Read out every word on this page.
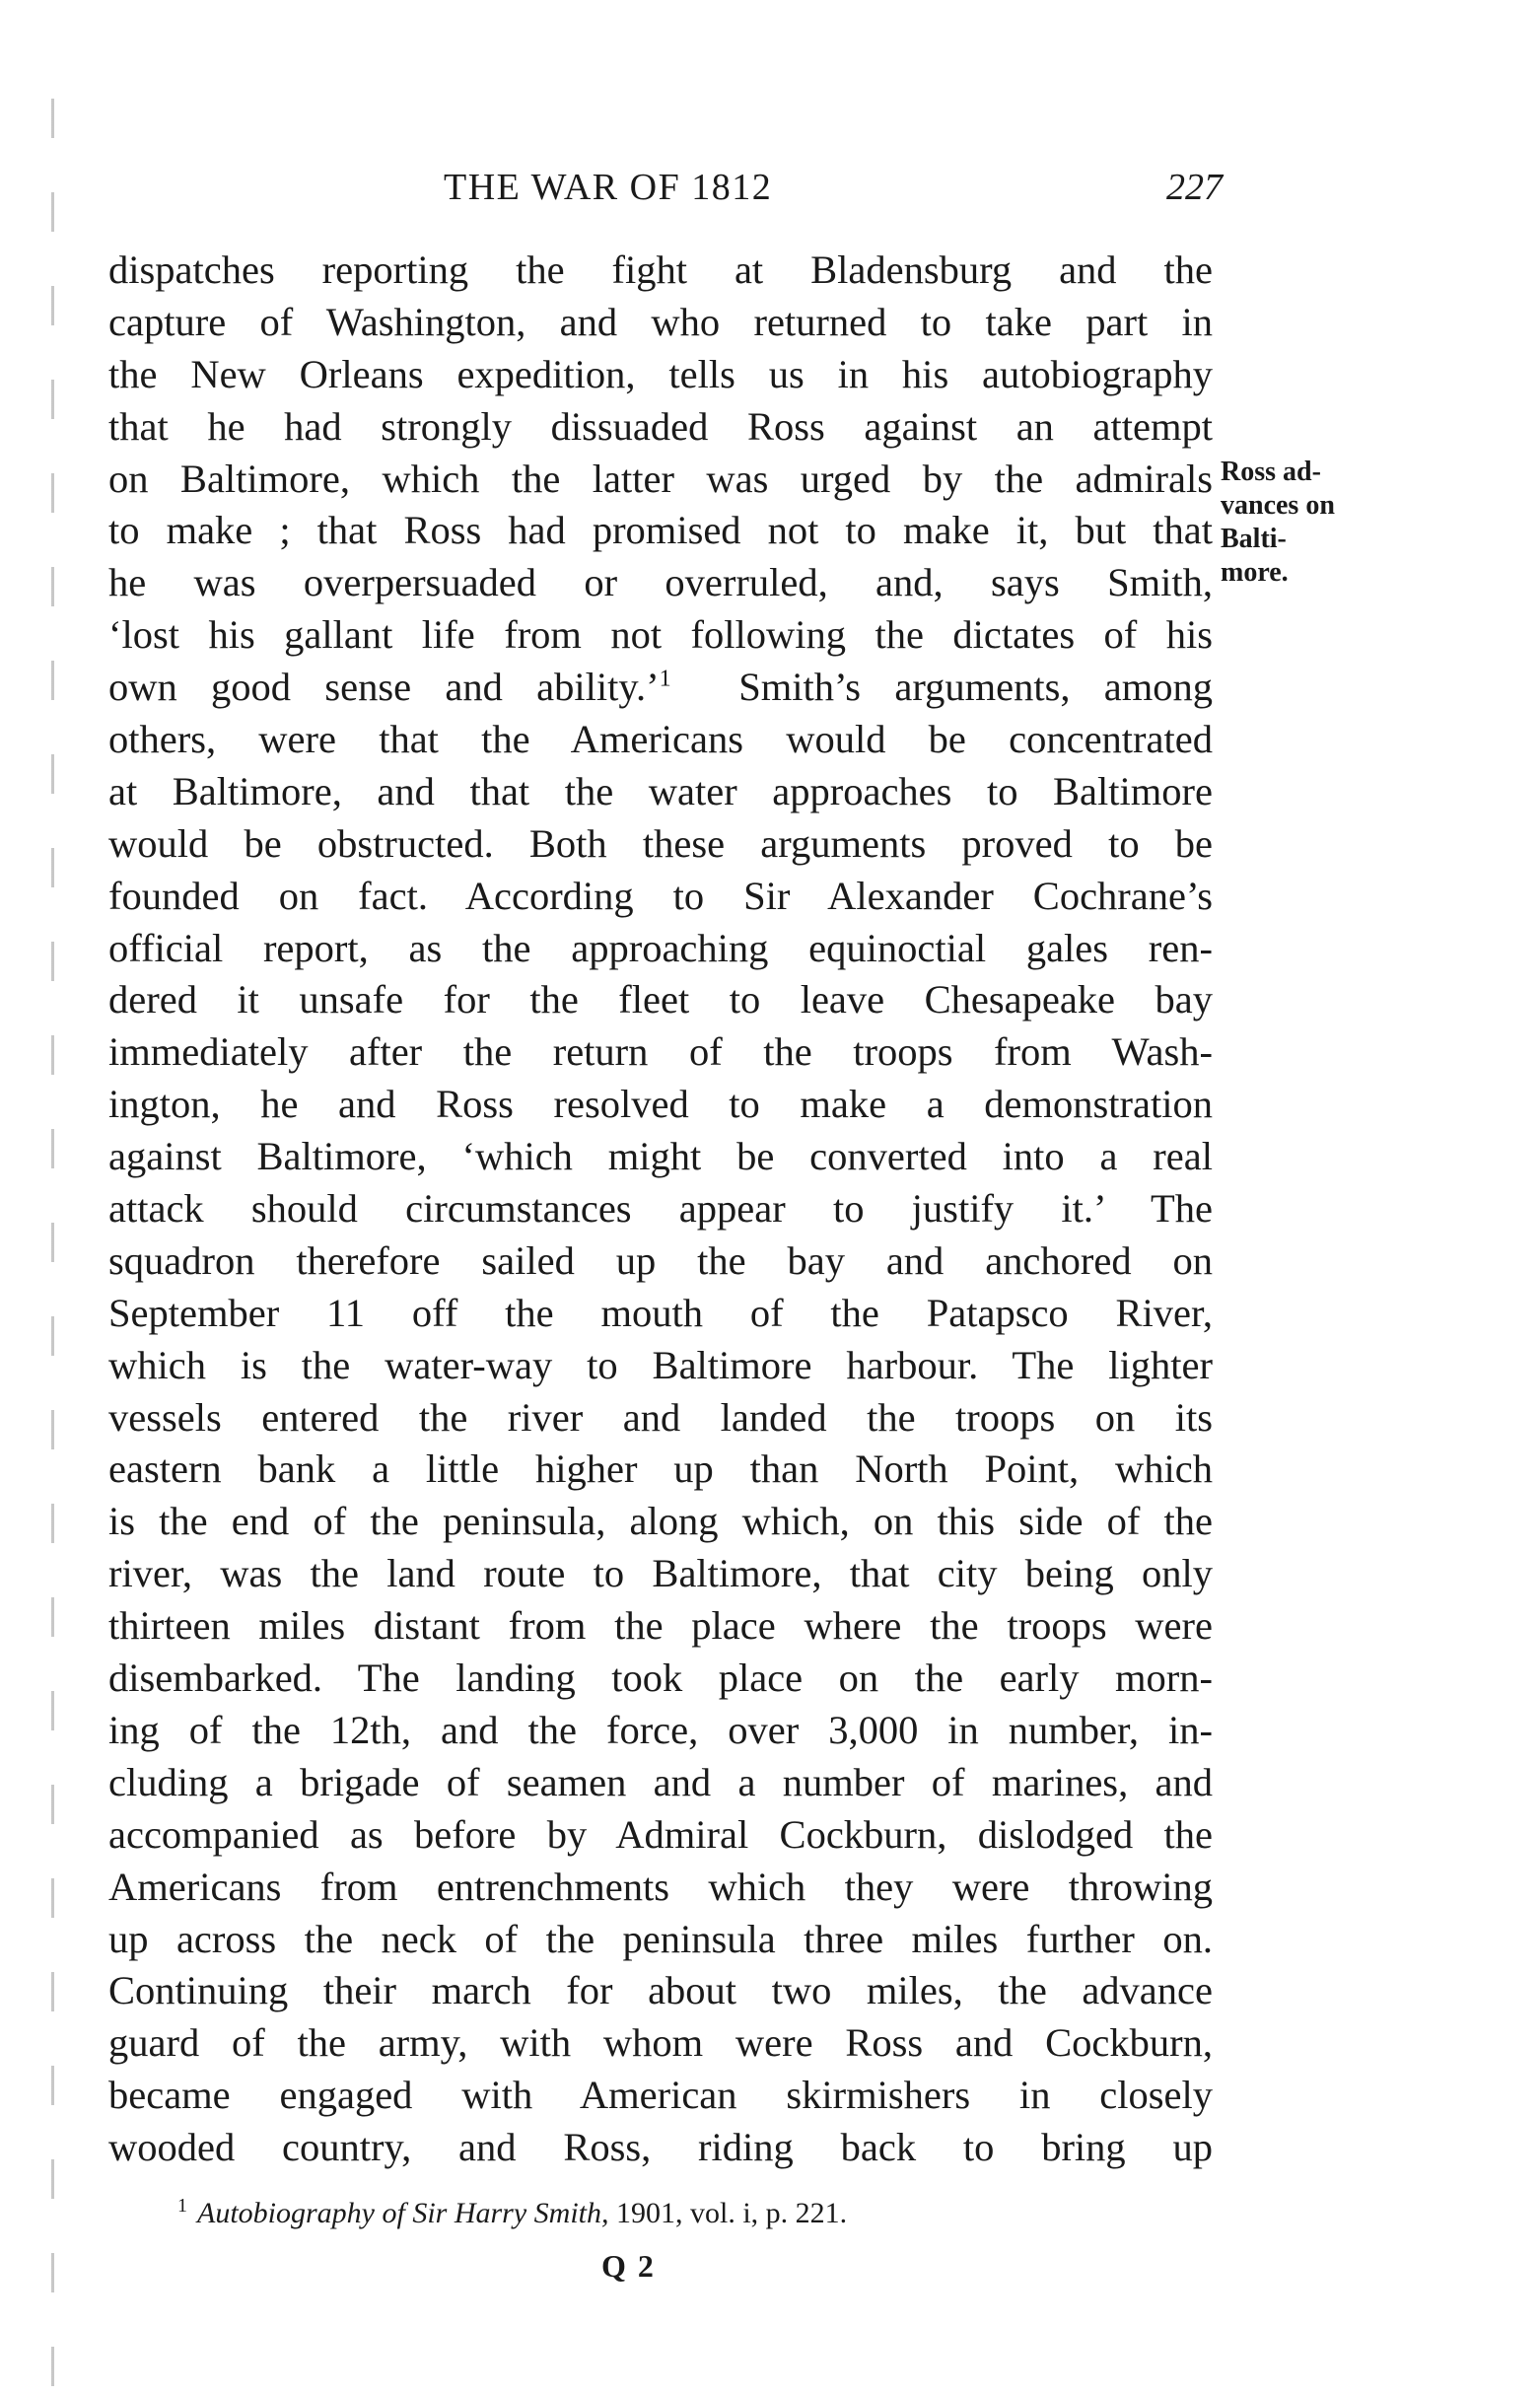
THE WAR OF 1812	227
dispatches reporting the fight at Bladensburg and the
capture of Washington, and who returned to take part in
the New Orleans expedition, tells us in his autobiography
that he had strongly dissuaded Ross against an attempt
on Baltimore, which the latter was urged by the admirals
to make ; that Ross had promised not to make it, but that
he was overpersuaded or overruled, and, says Smith,
‘lost his gallant life from not following the dictates of his
own good sense and ability.’$^1$ Smith’s arguments, among
others, were that the Americans would be concentrated
at Baltimore, and that the water approaches to Baltimore
would be obstructed. Both these arguments proved to be
founded on fact. According to Sir Alexander Cochrane’s
official report, as the approaching equinoctial gales ren-
dered it unsafe for the fleet to leave Chesapeake bay
immediately after the return of the troops from Wash-
ington, he and Ross resolved to make a demonstration
against Baltimore, ‘which might be converted into a real
attack should circumstances appear to justify it.’ The
squadron therefore sailed up the bay and anchored on
September 11 off the mouth of the Patapsco River,
which is the water-way to Baltimore harbour. The lighter
vessels entered the river and landed the troops on its
eastern bank a little higher up than North Point, which
is the end of the peninsula, along which, on this side of the
river, was the land route to Baltimore, that city being only
thirteen miles distant from the place where the troops were
disembarked. The landing took place on the early morn-
ing of the 12th, and the force, over 3,000 in number, in-
cluding a brigade of seamen and a number of marines, and
accompanied as before by Admiral Cockburn, dislodged the
Americans from entrenchments which they were throwing
up across the neck of the peninsula three miles further on.
Continuing their march for about two miles, the advance
guard of the army, with whom were Ross and Cockburn,
became engaged with American skirmishers in closely
wooded country, and Ross, riding back to bring up
Ross ad-
vances on
Balti-
more.
$^1$ Autobiography of Sir Harry Smith, 1901, vol. i, p. 221.
Q 2
